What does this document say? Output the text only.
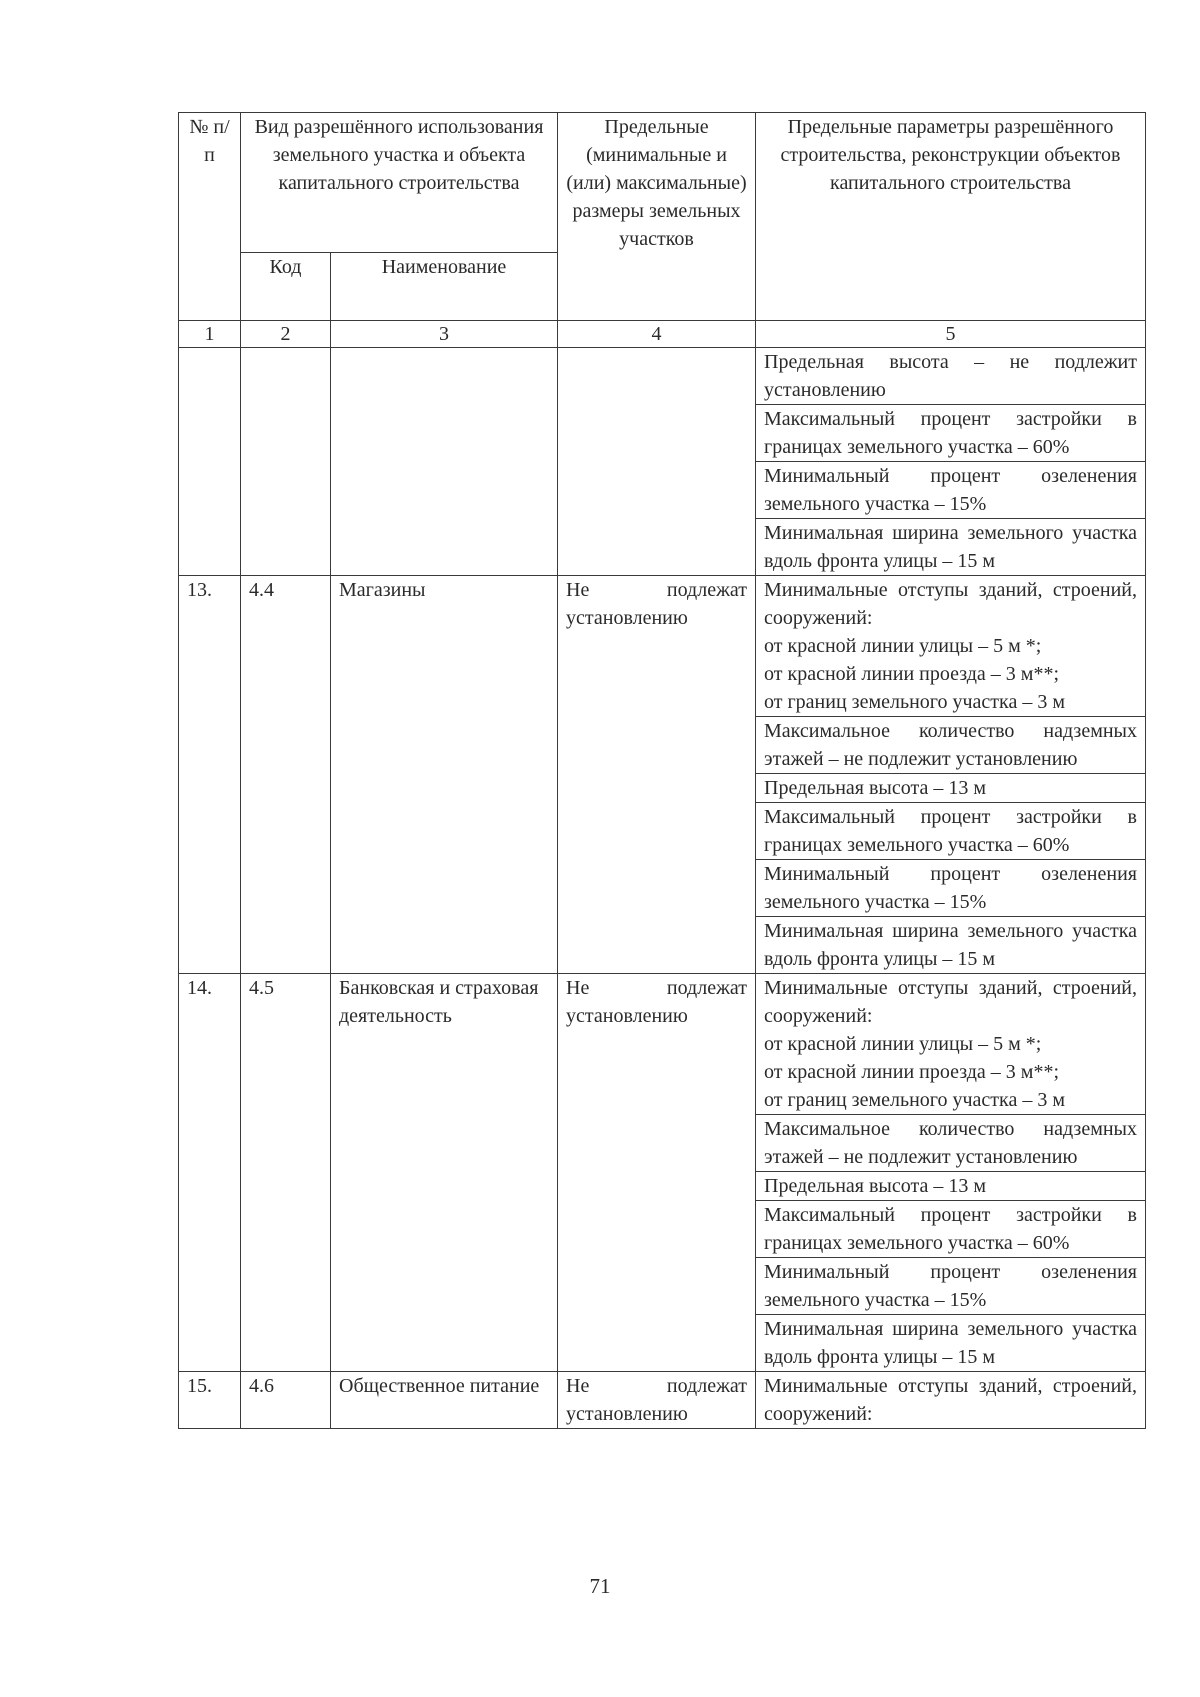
№ п/п	Вид разрешённого использования земельного участка и объекта капитального строительства		Предельные (минимальные и (или) максимальные) размеры земельных участков	Предельные параметры разрешённого строительства, реконструкции объектов капитального строительства
	Код	Наименование		
1	2	3	4	5
				Предельная высота – не подлежит установлению
				Максимальный процент застройки в границах земельного участка – 60%
				Минимальный процент озеленения земельного участка – 15%
				Минимальная ширина земельного участка вдоль фронта улицы – 15 м
13.	4.4	Магазины	Не подлежат установлению	Минимальные отступы зданий, строений, сооружений:
от красной линии улицы – 5 м *;
от красной линии проезда – 3 м**;
от границ земельного участка – 3 м
				Максимальное количество надземных этажей – не подлежит установлению
				Предельная высота – 13 м
				Максимальный процент застройки в границах земельного участка – 60%
				Минимальный процент озеленения земельного участка – 15%
				Минимальная ширина земельного участка вдоль фронта улицы – 15 м
14.	4.5	Банковская и страховая деятельность	Не подлежат установлению	Минимальные отступы зданий, строений, сооружений:
от красной линии улицы – 5 м *;
от красной линии проезда – 3 м**;
от границ земельного участка – 3 м
				Максимальное количество надземных этажей – не подлежит установлению
				Предельная высота – 13 м
				Максимальный процент застройки в границах земельного участка – 60%
				Минимальный процент озеленения земельного участка – 15%
				Минимальная ширина земельного участка вдоль фронта улицы – 15 м
15.	4.6	Общественное питание	Не подлежат установлению	Минимальные отступы зданий, строений, сооружений:
71
